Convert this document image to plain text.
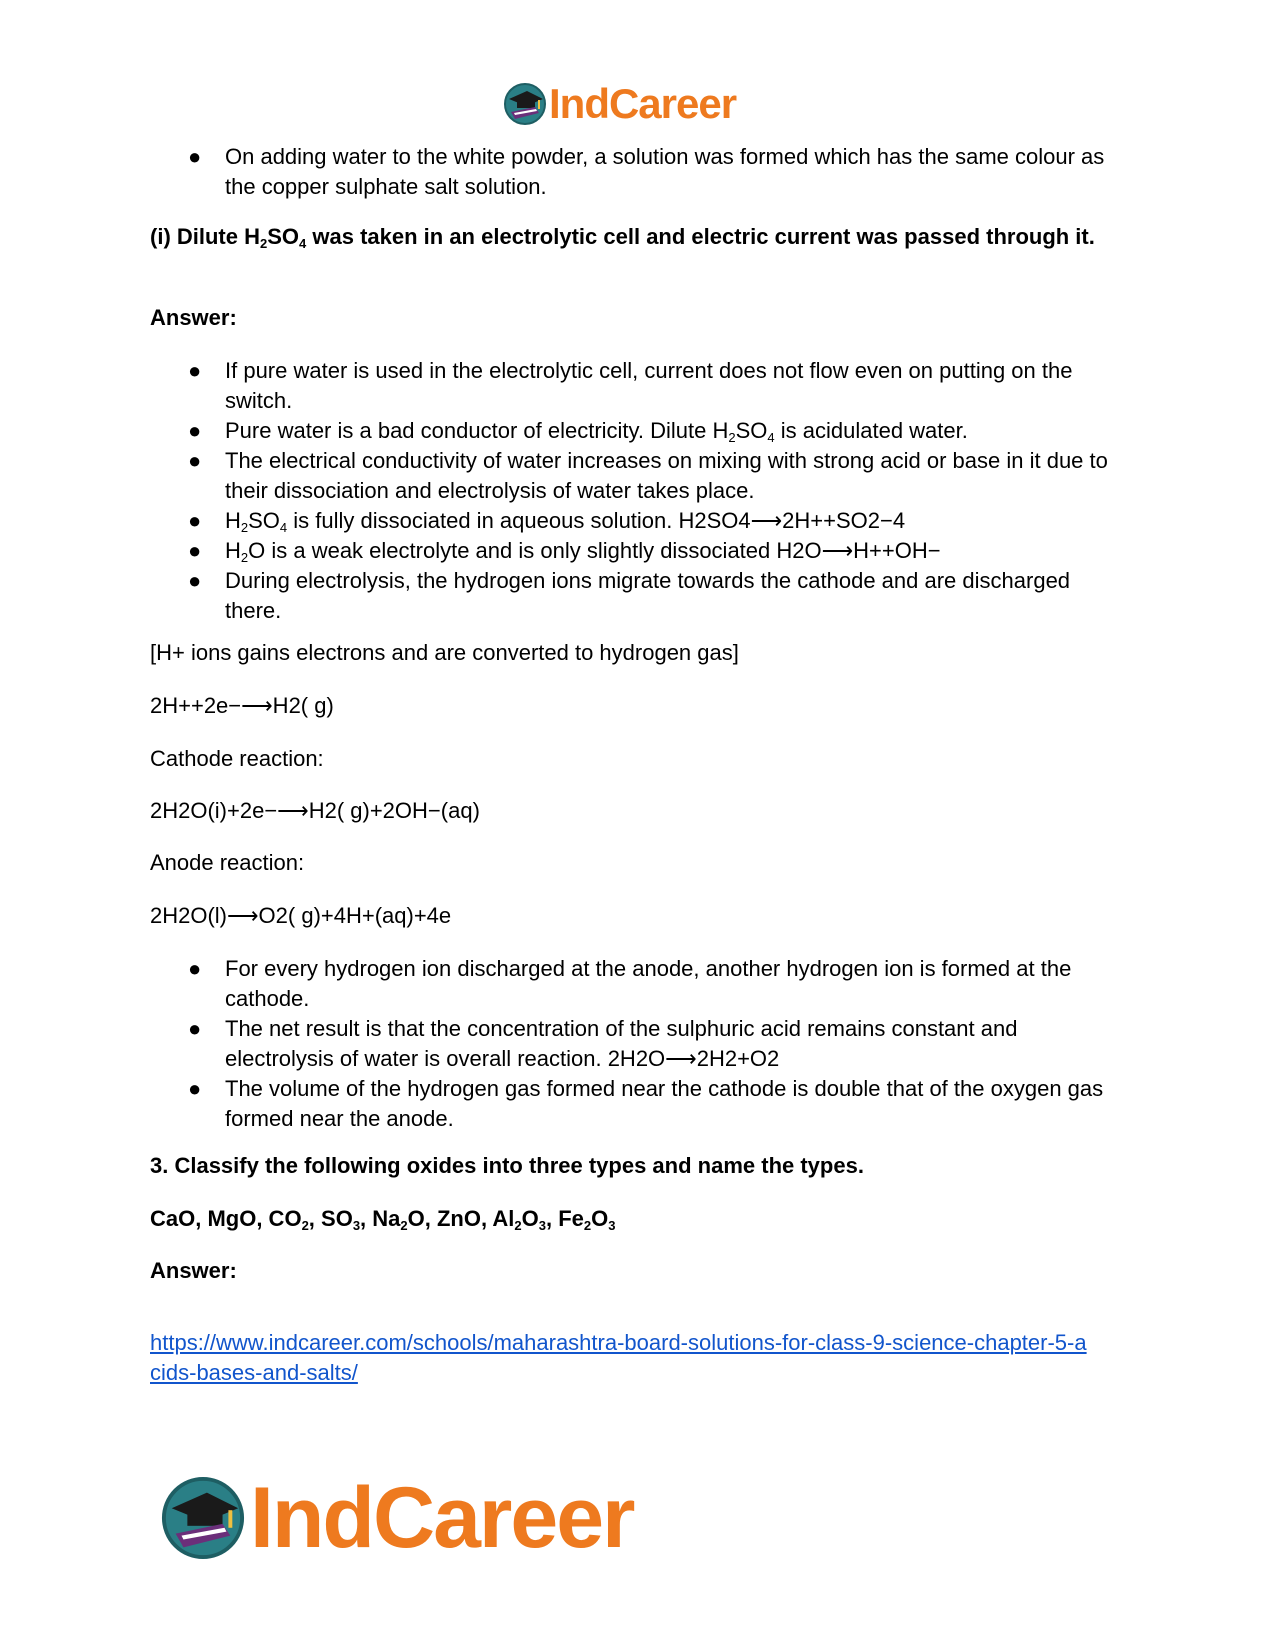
IndCareer
● On adding water to the white powder, a solution was formed which has the same colour as the copper sulphate salt solution.

(i) Dilute $H_2SO_4$ was taken in an electrolytic cell and electric current was passed through it.

Answer:

● If pure water is used in the electrolytic cell, current does not flow even on putting on the switch.
● Pure water is a bad conductor of electricity. Dilute $H_2SO_4$ is acidulated water.
● The electrical conductivity of water increases on mixing with strong acid or base in it due to their dissociation and electrolysis of water takes place.
● $H_2SO_4$ is fully dissociated in aqueous solution. H2SO4⟶2H++SO2−4
● $H_2O$ is a weak electrolyte and is only slightly dissociated H2O⟶H++OH−
● During electrolysis, the hydrogen ions migrate towards the cathode and are discharged there.

[H+ ions gains electrons and are converted to hydrogen gas]

2H++2e−⟶H2( g)

Cathode reaction:

2H2O(i)+2e−⟶H2( g)+2OH−(aq)

Anode reaction:

2H2O(l)⟶O2( g)+4H+(aq)+4e

● For every hydrogen ion discharged at the anode, another hydrogen ion is formed at the cathode.
● The net result is that the concentration of the sulphuric acid remains constant and electrolysis of water is overall reaction. 2H2O⟶2H2+O2
● The volume of the hydrogen gas formed near the cathode is double that of the oxygen gas formed near the anode.

3. Classify the following oxides into three types and name the types.

CaO, MgO, $CO_2$, $SO_3$, $Na_2O$, ZnO, $Al_2O_3$, $Fe_2O_3$

Answer:

https://www.indcareer.com/schools/maharashtra-board-solutions-for-class-9-science-chapter-5-a
cids-bases-and-salts/

IndCareer
